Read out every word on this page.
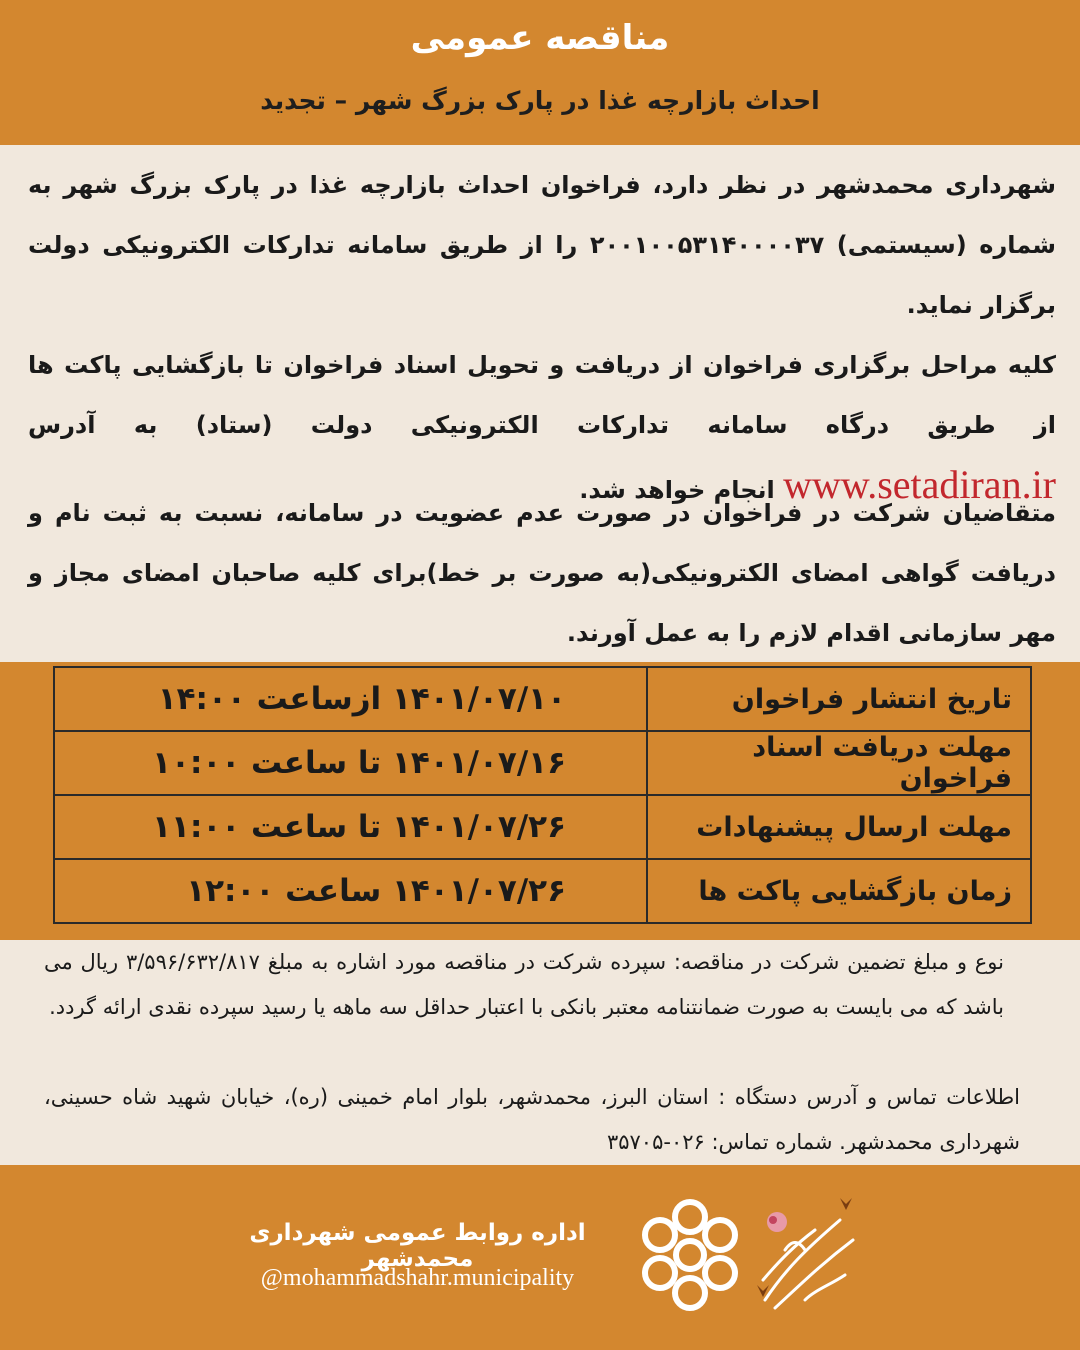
مناقصه عمومی
احداث بازارچه غذا در پارک بزرگ شهر – تجدید
شهرداری محمدشهر در نظر دارد، فراخوان احداث بازارچه غذا در پارک بزرگ شهر به شماره (سیستمی) ۲۰۰۱۰۰۵۳۱۴۰۰۰۰۳۷ را از طریق سامانه تدارکات الکترونیکی دولت برگزار نماید.
کلیه مراحل برگزاری فراخوان از دریافت و تحویل اسناد فراخوان تا بازگشایی پاکت ها از طریق درگاه سامانه تدارکات الکترونیکی دولت (ستاد) به آدرس www.setadiran.ir انجام خواهد شد.
متقاضیان شرکت در فراخوان در صورت عدم عضویت در سامانه، نسبت به ثبت نام و دریافت گواهی امضای الکترونیکی(به صورت بر خط)برای کلیه صاحبان امضای مجاز و مهر سازمانی اقدام لازم را به عمل آورند.
تاریخ انتشار فراخوان	۱۴۰۱/۰۷/۱۰ ازساعت ۱۴:۰۰
مهلت دریافت اسناد فراخوان	۱۴۰۱/۰۷/۱۶ تا ساعت ۱۰:۰۰
مهلت ارسال پیشنهادات	۱۴۰۱/۰۷/۲۶ تا ساعت ۱۱:۰۰
زمان بازگشایی پاکت ها	۱۴۰۱/۰۷/۲۶ ساعت ۱۲:۰۰
نوع و مبلغ تضمین شرکت در مناقصه: سپرده شرکت در مناقصه مورد اشاره به مبلغ ۳/۵۹۶/۶۳۲/۸۱۷ ریال می باشد که می بایست به صورت ضمانتنامه معتبر بانکی با اعتبار حداقل سه ماهه یا رسید سپرده نقدی ارائه گردد.
اطلاعات تماس و آدرس دستگاه : استان البرز، محمدشهر، بلوار امام خمینی (ره)، خیابان شهید شاه حسینی، شهرداری محمدشهر. شماره تماس: ۰۲۶-۳۵۷۰۵
اداره روابط عمومی شهرداری محمدشهر
@mohammadshahr.municipality
